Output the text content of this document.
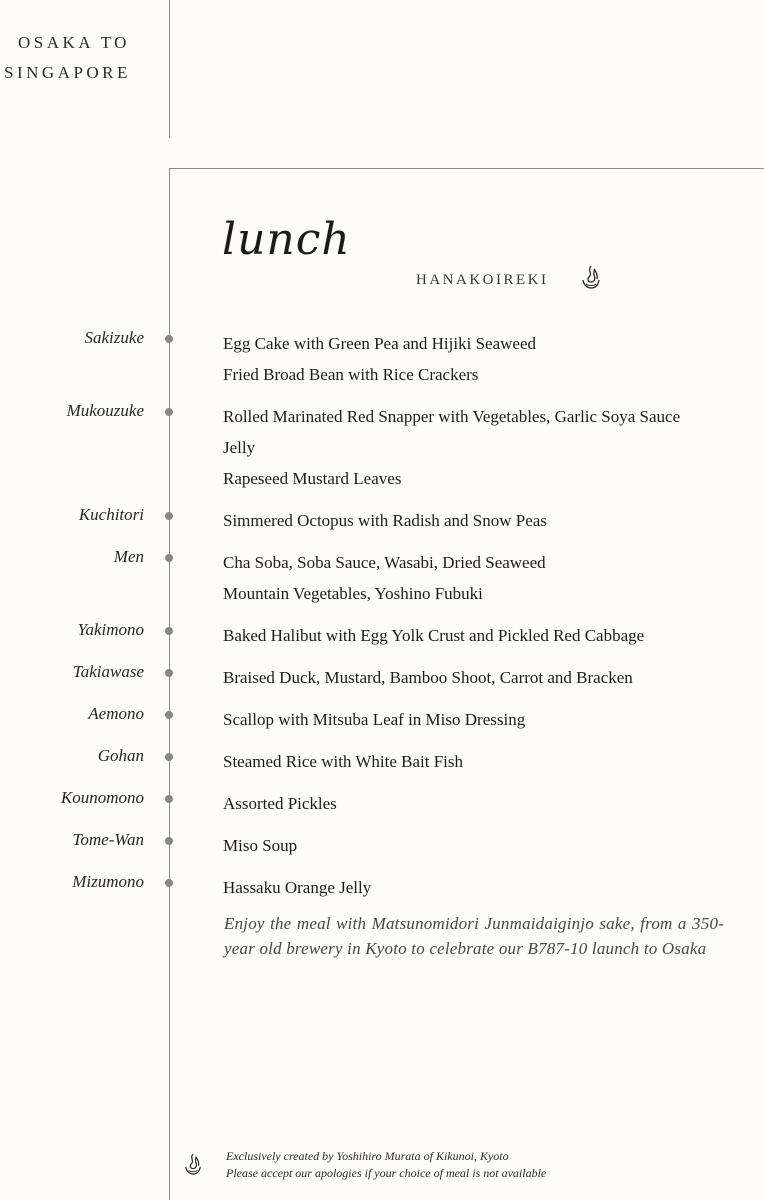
OSAKA TO
SINGAPORE
lunch
HANAKOIREKI
Sakizuke	Egg Cake with Green Pea and Hijiki Seaweed
Fried Broad Bean with Rice Crackers
Mukouzuke	Rolled Marinated Red Snapper with Vegetables, Garlic Soya Sauce
Jelly
Rapeseed Mustard Leaves
Kuchitori	Simmered Octopus with Radish and Snow Peas
Men	Cha Soba, Soba Sauce, Wasabi, Dried Seaweed
Mountain Vegetables, Yoshino Fubuki
Yakimono	Baked Halibut with Egg Yolk Crust and Pickled Red Cabbage
Takiawase	Braised Duck, Mustard, Bamboo Shoot, Carrot and Bracken
Aemono	Scallop with Mitsuba Leaf in Miso Dressing
Gohan	Steamed Rice with White Bait Fish
Kounomono	Assorted Pickles
Tome-Wan	Miso Soup
Mizumono	Hassaku Orange Jelly
Enjoy the meal with Matsunomidori Junmaidaiginjo sake, from a 350-year old brewery in Kyoto to celebrate our B787-10 launch to Osaka
Exclusively created by Yoshihiro Murata of Kikunoi, Kyoto
Please accept our apologies if your choice of meal is not available
